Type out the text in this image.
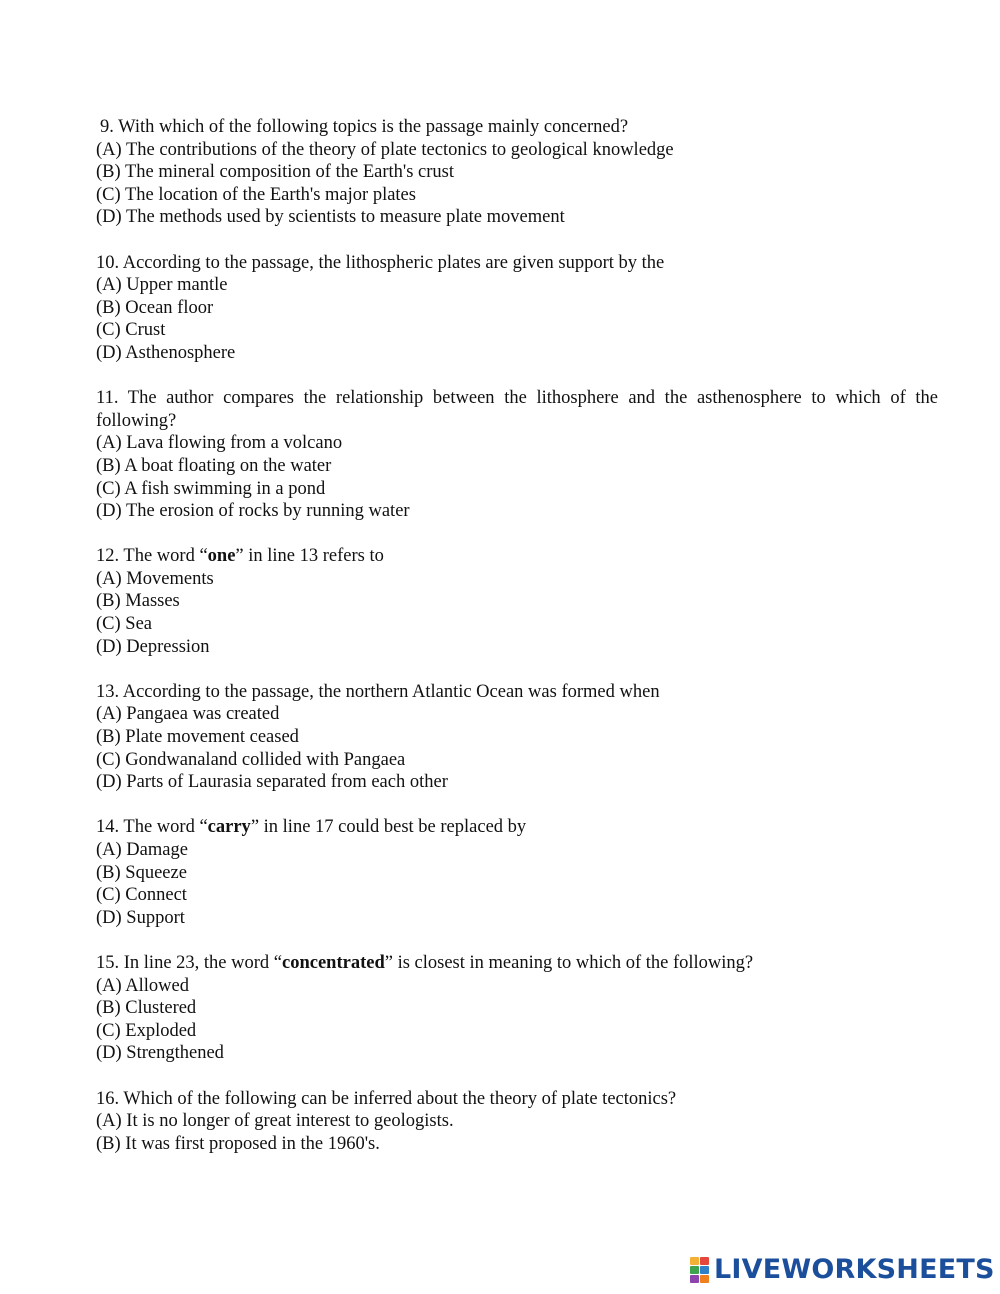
9. With which of the following topics is the passage mainly concerned?

(A) The contributions of the theory of plate tectonics to geological knowledge

(B) The mineral composition of the Earth's crust

(C) The location of the Earth's major plates

(D) The methods used by scientists to measure plate movement

10. According to the passage, the lithospheric plates are given support by the

(A) Upper mantle

(B) Ocean floor

(C) Crust

(D) Asthenosphere

11. The author compares the relationship between the lithosphere and the asthenosphere to which of the following?

(A) Lava flowing from a volcano

(B) A boat floating on the water

(C) A fish swimming in a pond

(D) The erosion of rocks by running water

12. The word “one” in line 13 refers to

(A) Movements

(B) Masses

(C) Sea

(D) Depression

13. According to the passage, the northern Atlantic Ocean was formed when

(A) Pangaea was created

(B) Plate movement ceased

(C) Gondwanaland collided with Pangaea

(D) Parts of Laurasia separated from each other

14. The word “carry” in line 17 could best be replaced by

(A) Damage

(B) Squeeze

(C) Connect

(D) Support

15. In line 23, the word “concentrated” is closest in meaning to which of the following?

(A) Allowed

(B) Clustered

(C) Exploded

(D) Strengthened

16. Which of the following can be inferred about the theory of plate tectonics?

(A) It is no longer of great interest to geologists.

(B) It was first proposed in the 1960's.

LIVEWORKSHEETS
